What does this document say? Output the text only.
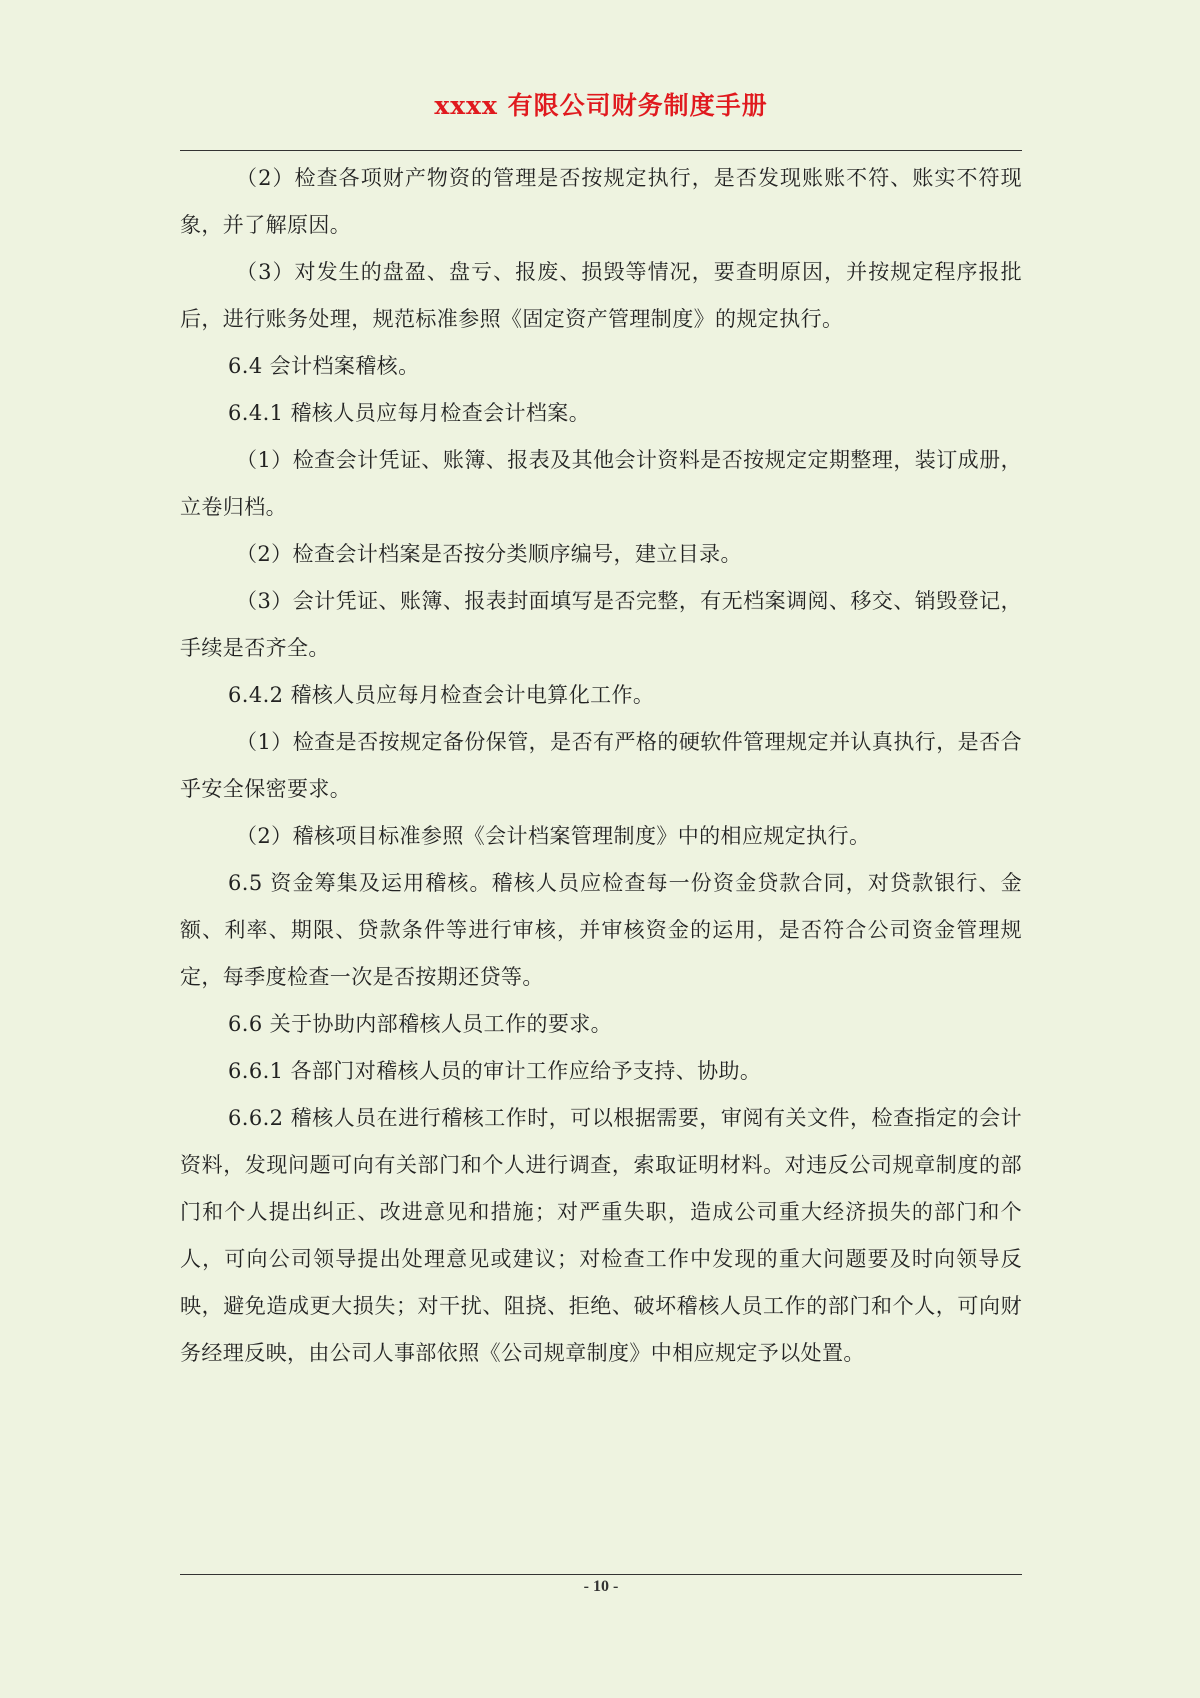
xxxx 有限公司财务制度手册

（2）检查各项财产物资的管理是否按规定执行，是否发现账账不符、账实不符现象，并了解原因。

（3）对发生的盘盈、盘亏、报废、损毁等情况，要查明原因，并按规定程序报批后，进行账务处理，规范标准参照《固定资产管理制度》的规定执行。

6.4 会计档案稽核。

6.4.1 稽核人员应每月检查会计档案。

（1）检查会计凭证、账簿、报表及其他会计资料是否按规定定期整理，装订成册，立卷归档。

（2）检查会计档案是否按分类顺序编号，建立目录。

（3）会计凭证、账簿、报表封面填写是否完整，有无档案调阅、移交、销毁登记，手续是否齐全。

6.4.2 稽核人员应每月检查会计电算化工作。

（1）检查是否按规定备份保管，是否有严格的硬软件管理规定并认真执行，是否合乎安全保密要求。

（2）稽核项目标准参照《会计档案管理制度》中的相应规定执行。

6.5 资金筹集及运用稽核。稽核人员应检查每一份资金贷款合同，对贷款银行、金额、利率、期限、贷款条件等进行审核，并审核资金的运用，是否符合公司资金管理规定，每季度检查一次是否按期还贷等。

6.6 关于协助内部稽核人员工作的要求。

6.6.1 各部门对稽核人员的审计工作应给予支持、协助。

6.6.2 稽核人员在进行稽核工作时，可以根据需要，审阅有关文件，检查指定的会计资料，发现问题可向有关部门和个人进行调查，索取证明材料。对违反公司规章制度的部门和个人提出纠正、改进意见和措施；对严重失职，造成公司重大经济损失的部门和个人，可向公司领导提出处理意见或建议；对检查工作中发现的重大问题要及时向领导反映，避免造成更大损失；对干扰、阻挠、拒绝、破坏稽核人员工作的部门和个人，可向财务经理反映，由公司人事部依照《公司规章制度》中相应规定予以处置。

- 10 -
